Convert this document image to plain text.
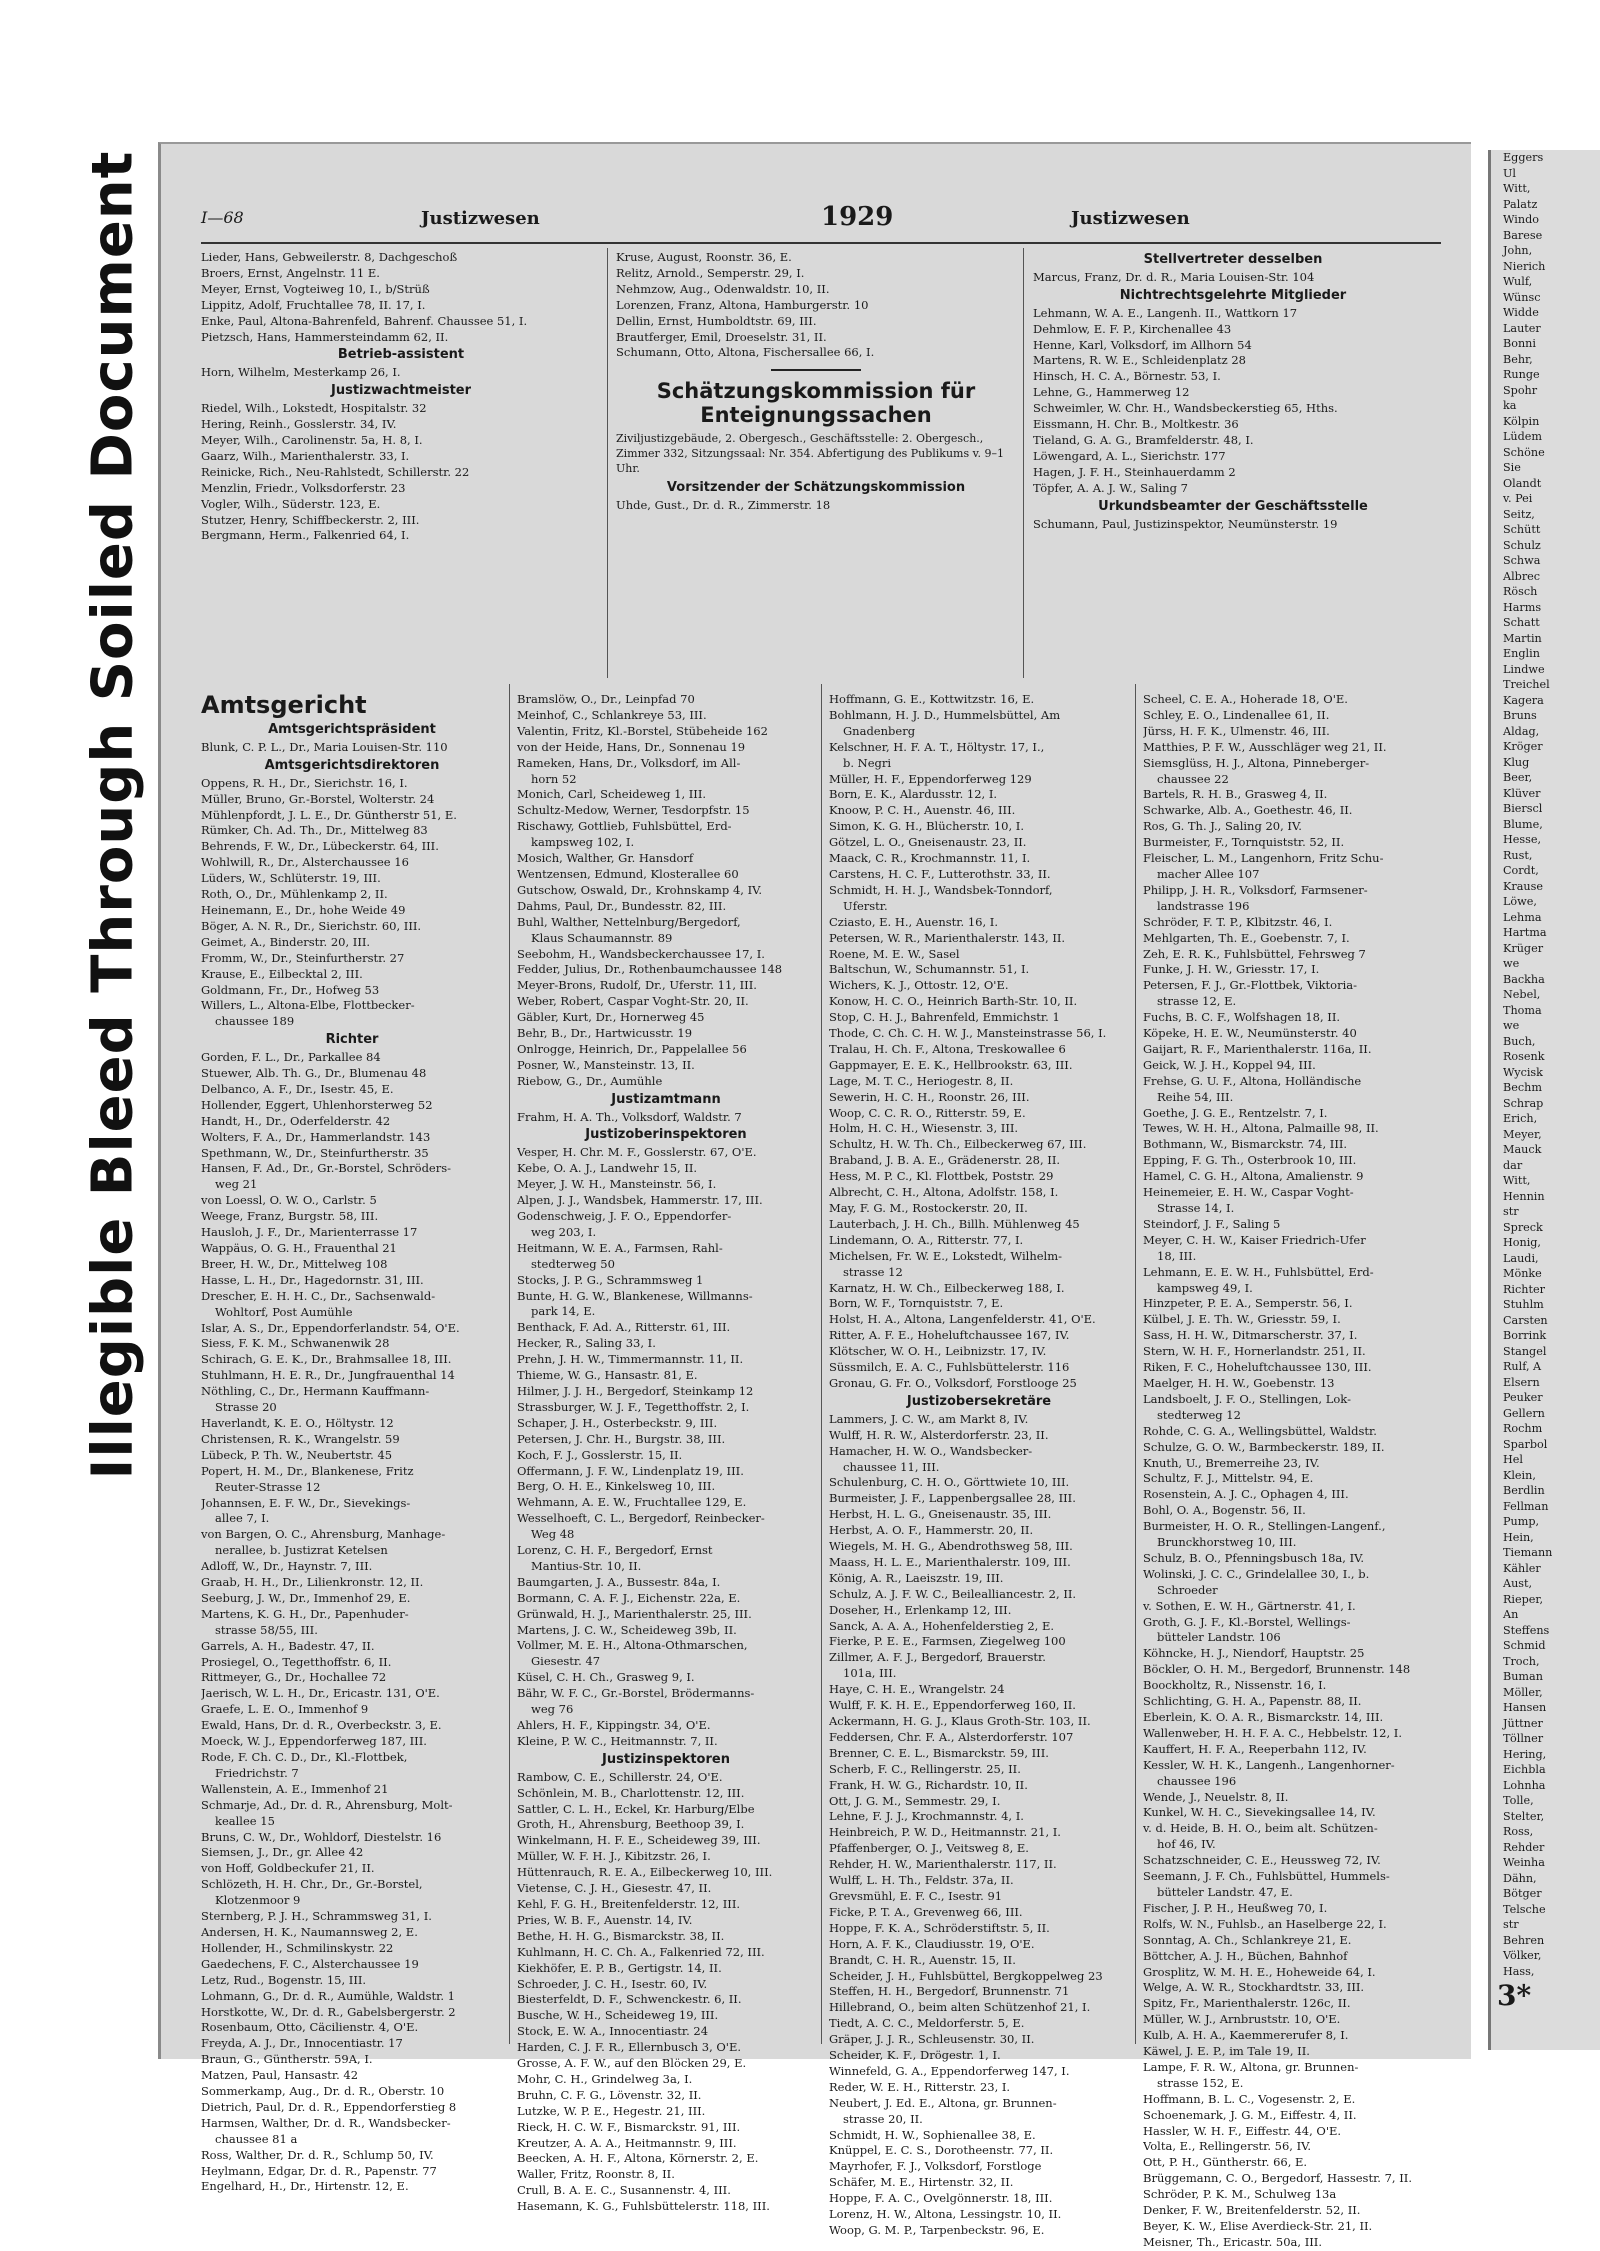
Illegible Bleed Through Soiled Document	I—68	Justizwesen	1929	Justizwesen
Lieder, Hans, Gebweilerstr. 8, Dachgeschoß
Broers, Ernst, Angelnstr. 11 E.
Meyer, Ernst, Vogteiweg 10, I., b/Strüß
Lippitz, Adolf, Fruchtallee 78, II. 17, I.
Enke, Paul, Altona-Bahrenfeld, Bahrenf. Chaussee 51, I.
Pietzsch, Hans, Hammersteindamm 62, II.
Betrieb-assistent
Horn, Wilhelm, Mesterkamp 26, I.
Justizwachtmeister
Riedel, Wilh., Lokstedt, Hospitalstr. 32
Hering, Reinh., Gosslerstr. 34, IV.
Meyer, Wilh., Carolinenstr. 5a, H. 8, I.
Gaarz, Wilh., Marienthalerstr. 33, I.
Reinicke, Rich., Neu-Rahlstedt, Schillerstr. 22
Menzlin, Friedr., Volksdorferstr. 23
Vogler, Wilh., Süderstr. 123, E.
Stutzer, Henry, Schiffbeckerstr. 2, III.
Bergmann, Herm., Falkenried 64, I.
Kruse, August, Roonstr. 36, E.
Relitz, Arnold., Semperstr. 29, I.
Nehmzow, Aug., Odenwaldstr. 10, II.
Lorenzen, Franz, Altona, Hamburgerstr. 10
Dellin, Ernst, Humboldtstr. 69, III.
Brautferger, Emil, Droeselstr. 31, II.
Schumann, Otto, Altona, Fischersallee 66, I.
Schätzungskommission für Enteignungssachen
Ziviljustizgebäude, 2. Obergesch., Geschäftsstelle: 2. Obergesch., Zimmer 332, Sitzungssaal: Nr. 354. Abfertigung des Publikums v. 9–1 Uhr.
Vorsitzender der Schätzungskommission
Uhde, Gust., Dr. d. R., Zimmerstr. 18
Stellvertreter desselben
Marcus, Franz, Dr. d. R., Maria Louisen-Str. 104
Nichtrechtsgelehrte Mitglieder
Lehmann, W. A. E., Langenh. II., Wattkorn 17
Dehmlow, E. F. P., Kirchenallee 43
Henne, Karl, Volksdorf, im Allhorn 54
Martens, R. W. E., Schleidenplatz 28
Hinsch, H. C. A., Börnestr. 53, I.
Lehne, G., Hammerweg 12
Schweimler, W. Chr. H., Wandsbeckerstieg 65, Hths.
Eissmann, H. Chr. B., Moltkestr. 36
Tieland, G. A. G., Bramfelderstr. 48, I.
Löwengard, A. L., Sierichstr. 177
Hagen, J. F. H., Steinhauerdamm 2
Töpfer, A. A. J. W., Saling 7
Urkundsbeamter der Geschäftsstelle
Schumann, Paul, Justizinspektor, Neumünsterstr. 19
Amtsgericht
Amtsgerichtspräsident
Blunk, C. P. L., Dr., Maria Louisen-Str. 110
Amtsgerichtsdirektoren
Oppens, R. H., Dr., Sierichstr. 16, I.
Müller, Bruno, Gr.-Borstel, Wolterstr. 24
Mühlenpfordt, J. L. E., Dr. Güntherstr 51, E.
Rümker, Ch. Ad. Th., Dr., Mittelweg 83
Behrends, F. W., Dr., Lübeckerstr. 64, III.
Wohlwill, R., Dr., Alsterchaussee 16
Lüders, W., Schlüterstr. 19, III.
Roth, O., Dr., Mühlenkamp 2, II.
Heinemann, E., Dr., hohe Weide 49
Böger, A. N. R., Dr., Sierichstr. 60, III.
Geimet, A., Binderstr. 20, III.
Fromm, W., Dr., Steinfurtherstr. 27
Krause, E., Eilbecktal 2, III.
Goldmann, Fr., Dr., Hofweg 53
Willers, L., Altona-Elbe, Flottbecker-
chaussee 189
Richter
Gorden, F. L., Dr., Parkallee 84
Stuewer, Alb. Th. G., Dr., Blumenau 48
Delbanco, A. F., Dr., Isestr. 45, E.
Hollender, Eggert, Uhlenhorsterweg 52
Handt, H., Dr., Oderfelderstr. 42
Wolters, F. A., Dr., Hammerlandstr. 143
Spethmann, W., Dr., Steinfurtherstr. 35
Hansen, F. Ad., Dr., Gr.-Borstel, Schröders-
weg 21
von Loessl, O. W. O., Carlstr. 5
Weege, Franz, Burgstr. 58, III.
Hausloh, J. F., Dr., Marienterrasse 17
Wappäus, O. G. H., Frauenthal 21
Breer, H. W., Dr., Mittelweg 108
Hasse, L. H., Dr., Hagedornstr. 31, III.
Drescher, E. H. H. C., Dr., Sachsenwald-
Wohltorf, Post Aumühle
Islar, A. S., Dr., Eppendorferlandstr. 54, O'E.
Siess, F. K. M., Schwanenwik 28
Schirach, G. E. K., Dr., Brahmsallee 18, III.
Stuhlmann, H. E. R., Dr., Jungfrauenthal 14
Nöthling, C., Dr., Hermann Kauffmann-
Strasse 20
Haverlandt, K. E. O., Höltystr. 12
Christensen, R. K., Wrangelstr. 59
Lübeck, P. Th. W., Neubertstr. 45
Popert, H. M., Dr., Blankenese, Fritz
Reuter-Strasse 12
Johannsen, E. F. W., Dr., Sievekings-
allee 7, I.
von Bargen, O. C., Ahrensburg, Manhage-
nerallee, b. Justizrat Ketelsen
Adloff, W., Dr., Haynstr. 7, III.
Graab, H. H., Dr., Lilienkronstr. 12, II.
Seeburg, J. W., Dr., Immenhof 29, E.
Martens, K. G. H., Dr., Papenhuder-
strasse 58/55, III.
Garrels, A. H., Badestr. 47, II.
Prosiegel, O., Tegetthoffstr. 6, II.
Rittmeyer, G., Dr., Hochallee 72
Jaerisch, W. L. H., Dr., Ericastr. 131, O'E.
Graefe, L. E. O., Immenhof 9
Ewald, Hans, Dr. d. R., Overbeckstr. 3, E.
Moeck, W. J., Eppendorferweg 187, III.
Rode, F. Ch. C. D., Dr., Kl.-Flottbek,
Friedrichstr. 7
Wallenstein, A. E., Immenhof 21
Schmarje, Ad., Dr. d. R., Ahrensburg, Molt-
keallee 15
Bruns, C. W., Dr., Wohldorf, Diestelstr. 16
Siemsen, J., Dr., gr. Allee 42
von Hoff, Goldbeckufer 21, II.
Schlözeth, H. H. Chr., Dr., Gr.-Borstel,
Klotzenmoor 9
Sternberg, P. J. H., Schrammsweg 31, I.
Andersen, H. K., Naumannsweg 2, E.
Hollender, H., Schmilinskystr. 22
Gaedechens, F. C., Alsterchaussee 19
Letz, Rud., Bogenstr. 15, III.
Lohmann, G., Dr. d. R., Aumühle, Waldstr. 1
Horstkotte, W., Dr. d. R., Gabelsbergerstr. 2
Rosenbaum, Otto, Cäcilienstr. 4, O'E.
Freyda, A. J., Dr., Innocentiastr. 17
Braun, G., Güntherstr. 59A, I.
Matzen, Paul, Hansastr. 42
Sommerkamp, Aug., Dr. d. R., Oberstr. 10
Dietrich, Paul, Dr. d. R., Eppendorferstieg 8
Harmsen, Walther, Dr. d. R., Wandsbecker-
chaussee 81 a
Ross, Walther, Dr. d. R., Schlump 50, IV.
Heylmann, Edgar, Dr. d. R., Papenstr. 77
Engelhard, H., Dr., Hirtenstr. 12, E.
Bramslöw, O., Dr., Leinpfad 70
Meinhof, C., Schlankreye 53, III.
Valentin, Fritz, Kl.-Borstel, Stübeheide 162
von der Heide, Hans, Dr., Sonnenau 19
Rameken, Hans, Dr., Volksdorf, im All-
horn 52
Monich, Carl, Scheideweg 1, III.
Schultz-Medow, Werner, Tesdorpfstr. 15
Rischawy, Gottlieb, Fuhlsbüttel, Erd-
kampsweg 102, I.
Mosich, Walther, Gr. Hansdorf
Wentzensen, Edmund, Klosterallee 60
Gutschow, Oswald, Dr., Krohnskamp 4, IV.
Dahms, Paul, Dr., Bundesstr. 82, III.
Buhl, Walther, Nettelnburg/Bergedorf,
Klaus Schaumannstr. 89
Seebohm, H., Wandsbeckerchaussee 17, I.
Fedder, Julius, Dr., Rothenbaumchaussee 148
Meyer-Brons, Rudolf, Dr., Uferstr. 11, III.
Weber, Robert, Caspar Voght-Str. 20, II.
Gäbler, Kurt, Dr., Hornerweg 45
Behr, B., Dr., Hartwicusstr. 19
Onlrogge, Heinrich, Dr., Pappelallee 56
Posner, W., Mansteinstr. 13, II.
Riebow, G., Dr., Aumühle
Justizamtmann
Frahm, H. A. Th., Volksdorf, Waldstr. 7
Justizoberinspektoren
Vesper, H. Chr. M. F., Gosslerstr. 67, O'E.
Kebe, O. A. J., Landwehr 15, II.
Meyer, J. W. H., Mansteinstr. 56, I.
Alpen, J. J., Wandsbek, Hammerstr. 17, III.
Godenschweig, J. F. O., Eppendorfer-
weg 203, I.
Heitmann, W. E. A., Farmsen, Rahl-
stedterweg 50
Stocks, J. P. G., Schrammsweg 1
Bunte, H. G. W., Blankenese, Willmanns-
park 14, E.
Benthack, F. Ad. A., Ritterstr. 61, III.
Hecker, R., Saling 33, I.
Prehn, J. H. W., Timmermannstr. 11, II.
Thieme, W. G., Hansastr. 81, E.
Hilmer, J. J. H., Bergedorf, Steinkamp 12
Strassburger, W. J. F., Tegetthoffstr. 2, I.
Schaper, J. H., Osterbeckstr. 9, III.
Petersen, J. Chr. H., Burgstr. 38, III.
Koch, F. J., Gosslerstr. 15, II.
Offermann, J. F. W., Lindenplatz 19, III.
Berg, O. H. E., Kinkelsweg 10, III.
Wehmann, A. E. W., Fruchtallee 129, E.
Wesselhoeft, C. L., Bergedorf, Reinbecker-
Weg 48
Lorenz, C. H. F., Bergedorf, Ernst
Mantius-Str. 10, II.
Baumgarten, J. A., Bussestr. 84a, I.
Bormann, C. A. F. J., Eichenstr. 22a, E.
Grünwald, H. J., Marienthalerstr. 25, III.
Martens, J. C. W., Scheideweg 39b, II.
Vollmer, M. E. H., Altona-Othmarschen,
Giesestr. 47
Küsel, C. H. Ch., Grasweg 9, I.
Bähr, W. F. C., Gr.-Borstel, Brödermanns-
weg 76
Ahlers, H. F., Kippingstr. 34, O'E.
Kleine, P. W. C., Heitmannstr. 7, II.
Justizinspektoren
Rambow, C. E., Schillerstr. 24, O'E.
Schönlein, M. B., Charlottenstr. 12, III.
Sattler, C. L. H., Eckel, Kr. Harburg/Elbe
Groth, H., Ahrensburg, Beethoop 39, I.
Winkelmann, H. F. E., Scheideweg 39, III.
Müller, W. F. H. J., Kibitzstr. 26, I.
Hüttenrauch, R. E. A., Eilbeckerweg 10, III.
Vietense, C. J. H., Giesestr. 47, II.
Kehl, F. G. H., Breitenfelderstr. 12, III.
Pries, W. B. F., Auenstr. 14, IV.
Bethe, H. H. G., Bismarckstr. 38, II.
Kuhlmann, H. C. Ch. A., Falkenried 72, III.
Kiekhöfer, E. P. B., Gertigstr. 14, II.
Schroeder, J. C. H., Isestr. 60, IV.
Biesterfeldt, D. F., Schwenckestr. 6, II.
Busche, W. H., Scheideweg 19, III.
Stock, E. W. A., Innocentiastr. 24
Harden, C. J. F. R., Ellernbusch 3, O'E.
Grosse, A. F. W., auf den Blöcken 29, E.
Mohr, C. H., Grindelweg 3a, I.
Bruhn, C. F. G., Lövenstr. 32, II.
Lutzke, W. P. E., Hegestr. 21, III.
Rieck, H. C. W. F., Bismarckstr. 91, III.
Kreutzer, A. A. A., Heitmannstr. 9, III.
Beecken, A. H. F., Altona, Körnerstr. 2, E.
Waller, Fritz, Roonstr. 8, II.
Crull, B. A. E. C., Susannenstr. 4, III.
Hasemann, K. G., Fuhlsbüttelerstr. 118, III.
Hoffmann, G. E., Kottwitzstr. 16, E.
Bohlmann, H. J. D., Hummelsbüttel, Am
Gnadenberg
Kelschner, H. F. A. T., Höltystr. 17, I.,
b. Negri
Müller, H. F., Eppendorferweg 129
Born, E. K., Alardusstr. 12, I.
Knoow, P. C. H., Auenstr. 46, III.
Simon, K. G. H., Blücherstr. 10, I.
Götzel, L. O., Gneisenaustr. 23, II.
Maack, C. R., Krochmannstr. 11, I.
Carstens, H. C. F., Lutterothstr. 33, II.
Schmidt, H. H. J., Wandsbek-Tonndorf,
Uferstr.
Cziasto, E. H., Auenstr. 16, I.
Petersen, W. R., Marienthalerstr. 143, II.
Roene, M. E. W., Sasel
Baltschun, W., Schumannstr. 51, I.
Wichers, K. J., Ottostr. 12, O'E.
Konow, H. C. O., Heinrich Barth-Str. 10, II.
Stop, C. H. J., Bahrenfeld, Emmichstr. 1
Thode, C. Ch. C. H. W. J., Mansteinstrasse 56, I.
Tralau, H. Ch. F., Altona, Treskowallee 6
Gappmayer, E. E. K., Hellbrookstr. 63, III.
Lage, M. T. C., Heriogestr. 8, II.
Sewerin, H. C. H., Roonstr. 26, III.
Woop, C. C. R. O., Ritterstr. 59, E.
Holm, H. C. H., Wiesenstr. 3, III.
Schultz, H. W. Th. Ch., Eilbeckerweg 67, III.
Braband, J. B. A. E., Grädenerstr. 28, II.
Hess, M. P. C., Kl. Flottbek, Poststr. 29
Albrecht, C. H., Altona, Adolfstr. 158, I.
May, F. G. M., Rostockerstr. 20, II.
Lauterbach, J. H. Ch., Billh. Mühlenweg 45
Lindemann, O. A., Ritterstr. 77, I.
Michelsen, Fr. W. E., Lokstedt, Wilhelm-
strasse 12
Karnatz, H. W. Ch., Eilbeckerweg 188, I.
Born, W. F., Tornquiststr. 7, E.
Holst, H. A., Altona, Langenfelderstr. 41, O'E.
Ritter, A. F. E., Hoheluftchaussee 167, IV.
Klötscher, W. O. H., Leibnizstr. 17, IV.
Süssmilch, E. A. C., Fuhlsbüttelerstr. 116
Gronau, G. Fr. O., Volksdorf, Forstlooge 25
Justizobersekretäre
Lammers, J. C. W., am Markt 8, IV.
Wulff, H. R. W., Alsterdorferstr. 23, II.
Hamacher, H. W. O., Wandsbecker-
chaussee 11, III.
Schulenburg, C. H. O., Görttwiete 10, III.
Burmeister, J. F., Lappenbergsallee 28, III.
Herbst, H. L. G., Gneisenaustr. 35, III.
Herbst, A. O. F., Hammerstr. 20, II.
Wiegels, M. H. G., Abendrothsweg 58, III.
Maass, H. L. E., Marienthalerstr. 109, III.
König, A. R., Laeiszstr. 19, III.
Schulz, A. J. F. W. C., Beilealliancestr. 2, II.
Doseher, H., Erlenkamp 12, III.
Sanck, A. A. A., Hohenfelderstieg 2, E.
Fierke, P. E. E., Farmsen, Ziegelweg 100
Zillmer, A. F. J., Bergedorf, Brauerstr.
101a, III.
Haye, C. H. E., Wrangelstr. 24
Wulff, F. K. H. E., Eppendorferweg 160, II.
Ackermann, H. G. J., Klaus Groth-Str. 103, II.
Feddersen, Chr. F. A., Alsterdorferstr. 107
Brenner, C. E. L., Bismarckstr. 59, III.
Scherb, F. C., Rellingerstr. 25, II.
Frank, H. W. G., Richardstr. 10, II.
Ott, J. G. M., Semmestr. 29, I.
Lehne, F. J. J., Krochmannstr. 4, I.
Heinbreich, P. W. D., Heitmannstr. 21, I.
Pfaffenberger, O. J., Veitsweg 8, E.
Rehder, H. W., Marienthalerstr. 117, II.
Wulff, L. H. Th., Feldstr. 37a, II.
Grevsmühl, E. F. C., Isestr. 91
Ficke, P. T. A., Grevenweg 66, III.
Hoppe, F. K. A., Schröderstiftstr. 5, II.
Horn, A. F. K., Claudiusstr. 19, O'E.
Brandt, C. H. R., Auenstr. 15, II.
Scheider, J. H., Fuhlsbüttel, Bergkoppelweg 23
Steffen, H. H., Bergedorf, Brunnenstr. 71
Hillebrand, O., beim alten Schützenhof 21, I.
Tiedt, A. C. C., Meldorferstr. 5, E.
Gräper, J. J. R., Schleusenstr. 30, II.
Scheider, K. F., Drögestr. 1, I.
Winnefeld, G. A., Eppendorferweg 147, I.
Reder, W. E. H., Ritterstr. 23, I.
Neubert, J. Ed. E., Altona, gr. Brunnen-
strasse 20, II.
Schmidt, H. W., Sophienallee 38, E.
Knüppel, E. C. S., Dorotheenstr. 77, II.
Mayrhofer, F. J., Volksdorf, Forstloge
Schäfer, M. E., Hirtenstr. 32, II.
Hoppe, F. A. C., Ovelgönnerstr. 18, III.
Lorenz, H. W., Altona, Lessingstr. 10, II.
Woop, G. M. P., Tarpenbeckstr. 96, E.
Scheel, C. E. A., Hoherade 18, O'E.
Schley, E. O., Lindenallee 61, II.
Jürss, H. F. K., Ulmenstr. 46, III.
Matthies, P. F. W., Ausschläger weg 21, II.
Siemsglüss, H. J., Altona, Pinneberger-
chaussee 22
Bartels, R. H. B., Grasweg 4, II.
Schwarke, Alb. A., Goethestr. 46, II.
Ros, G. Th. J., Saling 20, IV.
Burmeister, F., Tornquiststr. 52, II.
Fleischer, L. M., Langenhorn, Fritz Schu-
macher Allee 107
Philipp, J. H. R., Volksdorf, Farmsener-
landstrasse 196
Schröder, F. T. P., Klbitzstr. 46, I.
Mehlgarten, Th. E., Goebenstr. 7, I.
Zeh, E. R. K., Fuhlsbüttel, Fehrsweg 7
Funke, J. H. W., Griesstr. 17, I.
Petersen, F. J., Gr.-Flottbek, Viktoria-
strasse 12, E.
Fuchs, B. C. F., Wolfshagen 18, II.
Köpeke, H. E. W., Neumünsterstr. 40
Gaijart, R. F., Marienthalerstr. 116a, II.
Geick, W. J. H., Koppel 94, III.
Frehse, G. U. F., Altona, Holländische
Reihe 54, III.
Goethe, J. G. E., Rentzelstr. 7, I.
Tewes, W. H. H., Altona, Palmaille 98, II.
Bothmann, W., Bismarckstr. 74, III.
Epping, F. G. Th., Osterbrook 10, III.
Hamel, C. G. H., Altona, Amalienstr. 9
Heinemeier, E. H. W., Caspar Voght-
Strasse 14, I.
Steindorf, J. F., Saling 5
Meyer, C. H. W., Kaiser Friedrich-Ufer
18, III.
Lehmann, E. E. W. H., Fuhlsbüttel, Erd-
kampsweg 49, I.
Hinzpeter, P. E. A., Semperstr. 56, I.
Külbel, J. E. Th. W., Griesstr. 59, I.
Sass, H. H. W., Ditmarscherstr. 37, I.
Stern, W. H. F., Hornerlandstr. 251, II.
Riken, F. C., Hoheluftchaussee 130, III.
Maelger, H. H. W., Goebenstr. 13
Landsboelt, J. F. O., Stellingen, Lok-
stedterweg 12
Rohde, C. G. A., Wellingsbüttel, Waldstr.
Schulze, G. O. W., Barmbeckerstr. 189, II.
Knuth, U., Bremerreihe 23, IV.
Schultz, F. J., Mittelstr. 94, E.
Rosenstein, A. J. C., Ophagen 4, III.
Bohl, O. A., Bogenstr. 56, II.
Burmeister, H. O. R., Stellingen-Langenf.,
Brunckhorstweg 10, III.
Schulz, B. O., Pfenningsbusch 18a, IV.
Wolinski, J. C. C., Grindelallee 30, I., b.
Schroeder
v. Sothen, E. W. H., Gärtnerstr. 41, I.
Groth, G. J. F., Kl.-Borstel, Wellings-
bütteler Landstr. 106
Köhncke, H. J., Niendorf, Hauptstr. 25
Böckler, O. H. M., Bergedorf, Brunnenstr. 148
Boockholtz, R., Nissenstr. 16, I.
Schlichting, G. H. A., Papenstr. 88, II.
Eberlein, K. O. A. R., Bismarckstr. 14, III.
Wallenweber, H. H. F. A. C., Hebbelstr. 12, I.
Kauffert, H. F. A., Reeperbahn 112, IV.
Kessler, W. H. K., Langenh., Langenhorner-
chaussee 196
Wende, J., Neuelstr. 8, II.
Kunkel, W. H. C., Sievekingsallee 14, IV.
v. d. Heide, B. H. O., beim alt. Schützen-
hof 46, IV.
Schatzschneider, C. E., Heussweg 72, IV.
Seemann, J. F. Ch., Fuhlsbüttel, Hummels-
bütteler Landstr. 47, E.
Fischer, J. P. H., Heußweg 70, I.
Rolfs, W. N., Fuhlsb., an Haselberge 22, I.
Sonntag, A. Ch., Schlankreye 21, E.
Böttcher, A. J. H., Büchen, Bahnhof
Grosplitz, W. M. H. E., Hoheweide 64, I.
Welge, A. W. R., Stockhardtstr. 33, III.
Spitz, Fr., Marienthalerstr. 126c, II.
Müller, W. J., Arnbruststr. 10, O'E.
Kulb, A. H. A., Kaemmererufer 8, I.
Käwel, J. E. P., im Tale 19, II.
Lampe, F. R. W., Altona, gr. Brunnen-
strasse 152, E.
Hoffmann, B. L. C., Vogesenstr. 2, E.
Schoenemark, J. G. M., Eiffestr. 4, II.
Hassler, W. H. F., Eiffestr. 44, O'E.
Volta, E., Rellingerstr. 56, IV.
Ott, P. H., Güntherstr. 66, E.
Brüggemann, C. O., Bergedorf, Hassestr. 7, II.
Schröder, P. K. M., Schulweg 13a
Denker, F. W., Breitenfelderstr. 52, II.
Beyer, K. W., Elise Averdieck-Str. 21, II.
Meisner, Th., Ericastr. 50a, III.
Eggers
Ul
Witt,
Palatz
Windo
Barese
John,
Nierich
Wulf,
Wünsc
Widde
Lauter
Bonni
Behr,
Runge
Spohr
ka
Kölpin
Lüdem
Schöne
Sie
Olandt
v. Pei
Seitz,
Schütt
Schulz
Schwa
Albrec
Rösch
Harms
Schatt
Martin
Englin
Lindwe
Treichel
Kagera
Bruns
Aldag,
Kröger
Klug
Beer,
Klüver
Bierscl
Blume,
Hesse,
Rust,
Cordt,
Krause
Löwe,
Lehma
Hartma
Krüger
we
Backha
Nebel,
Thoma
we
Buch,
Rosenk
Wycisk
Bechm
Schrap
Erich,
Meyer,
Mauck
dar
Witt,
Hennin
str
Spreck
Honig,
Laudi,
Mönke
Richter
Stuhlm
Carsten
Borrink
Stangel
Rulf, A
Elsern
Peuker
Gellern
Rochm
Sparbol
Hel
Klein,
Berdlin
Fellman
Pump,
Hein,
Tiemann
Kähler
Aust,
Rieper,
An
Steffens
Schmid
Troch,
Buman
Möller,
Hansen
Jüttner
Töllner
Hering,
Eichbla
Lohnha
Tolle,
Stelter,
Ross,
Rehder
Weinha
Dähn,
Bötger
Telsche
str
Behren
Völker,
Hass,
3*
